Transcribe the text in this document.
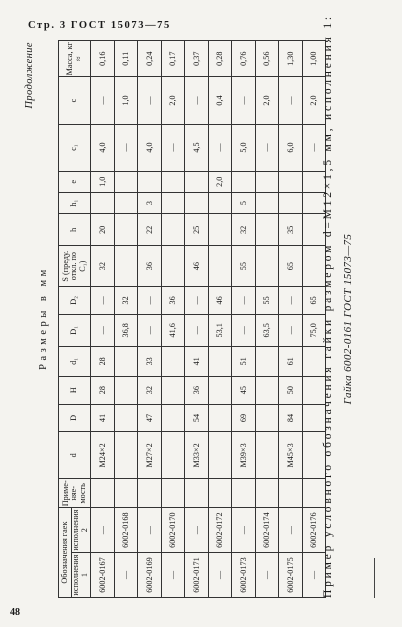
Стр. 3 ГОСТ 15073—75
Продолжение
Размеры в мм
Обозначения гаек		Приме-няе-мость	d	D	H	d₁	D₁	D₂	S (преду. откл. по С₁)	h	h₁	e	c₁	c	Масса, кг ≈
исполнения 1	исполнения 2														
6002-0167	—		М24×2	41	28	28	—	—	32	20		1,0	4,0	—	0,16
—	6002-0168						36,8	32					—	1,0	0,11
6002-0169	—		М27×2	47	32	33	—	—	36	22	3		4,0	—	0,24
—	6002-0170						41,6	36					—	2,0	0,17
6002-0171	—		М33×2	54	36	41	—	—	46	25			4,5	—	0,37
—	6002-0172						53,1	46				2,0	—	0,4	0,28
6002-0173	—		М39×3	69	45	51	—	—	55	32	5		5,0	—	0,76
—	6002-0174						63,5	55					—	2,0	0,56
6002-0175	—		М45×3	84	50	61	—	—	65	35			6,0	—	1,30
—	6002-0176						75,0	65					—	2,0	1,00 Пример условного обозначения гайки размером d=М12×1,5 мм, исполнения 1: Гайка 6002-0161 ГОСТ 15073—75
48
